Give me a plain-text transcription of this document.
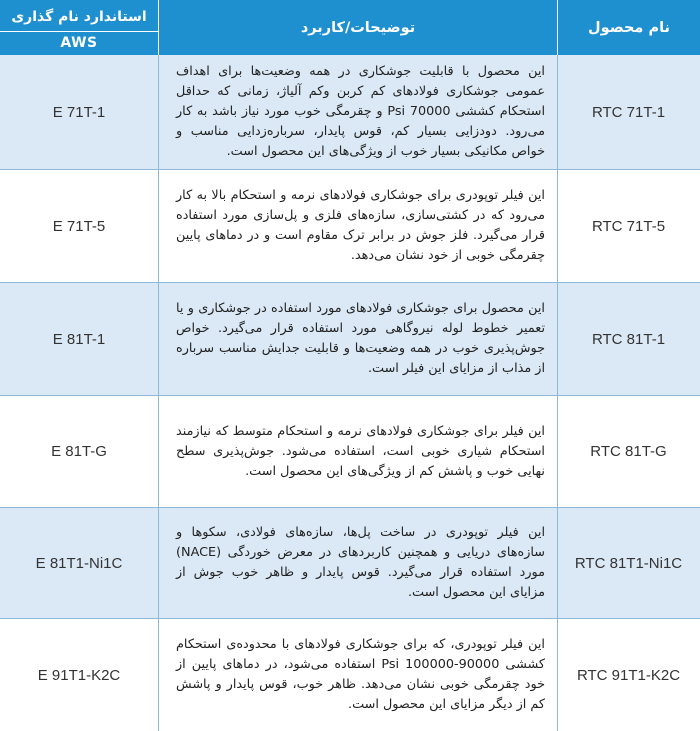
استاندارد نام گذاری
AWS
توضیحات/کاربرد	نام محصول
E 71T-1
این محصول با قابلیت جوشکاری در همه وضعیت‌ها برای اهداف عمومی جوشکاری فولادهای کم کربن وکم آلیاژ، زمانی که حداقل استحکام کششی 70000 Psi و چقرمگی خوب مورد نیاز باشد به کار می‌رود. دودزایی بسیار کم، قوس پایدار، سرباره‌زدایی مناسب و خواص مکانیکی بسیار خوب از ویژگی‌های این محصول است.
RTC 71T-1
E 71T-5
این فیلر توپودری برای جوشکاری فولادهای نرمه و استحکام بالا به کار می‌رود که در کشتی‌سازی، سازه‌های فلزی و پل‌سازی مورد استفاده قرار می‌گیرد. فلز جوش در برابر ترک مقاوم است و در دماهای پایین چقرمگی خوبی از خود نشان می‌دهد.
RTC 71T-5
E 81T-1
این محصول برای جوشکاری فولادهای مورد استفاده در جوشکاری و یا تعمیر خطوط لوله نیروگاهی مورد استفاده قرار می‌گیرد. خواص جوش‌پذیری خوب در همه وضعیت‌ها و قابلیت جدایش مناسب سرباره از مذاب از مزایای این فیلر است.
RTC 81T-1
E 81T-G
این فیلر برای جوشکاری فولادهای نرمه و استحکام متوسط که نیازمند استحکام شیاری خوبی است، استفاده می‌شود. جوش‌پذیری سطح نهایی خوب و پاشش کم از ویژگی‌های این محصول است.
RTC 81T-G
E 81T1-Ni1C
این فیلر توپودری در ساخت پل‌ها، سازه‌های فولادی، سکوها و سازه‌های دریایی و همچنین کاربردهای در معرض خوردگی (NACE) مورد استفاده قرار می‌گیرد. قوس پایدار و ظاهر خوب جوش از مزایای این محصول است.
RTC 81T1-Ni1C
E 91T1-K2C
این فیلر توپودری، که برای جوشکاری فولادهای با محدوده‌ی استحکام کششی 90000-100000 Psi استفاده می‌شود، در دماهای پایین از خود چقرمگی خوبی نشان می‌دهد. ظاهر خوب، قوس پایدار و پاشش کم از دیگر مزایای این محصول است.
RTC 91T1-K2C
